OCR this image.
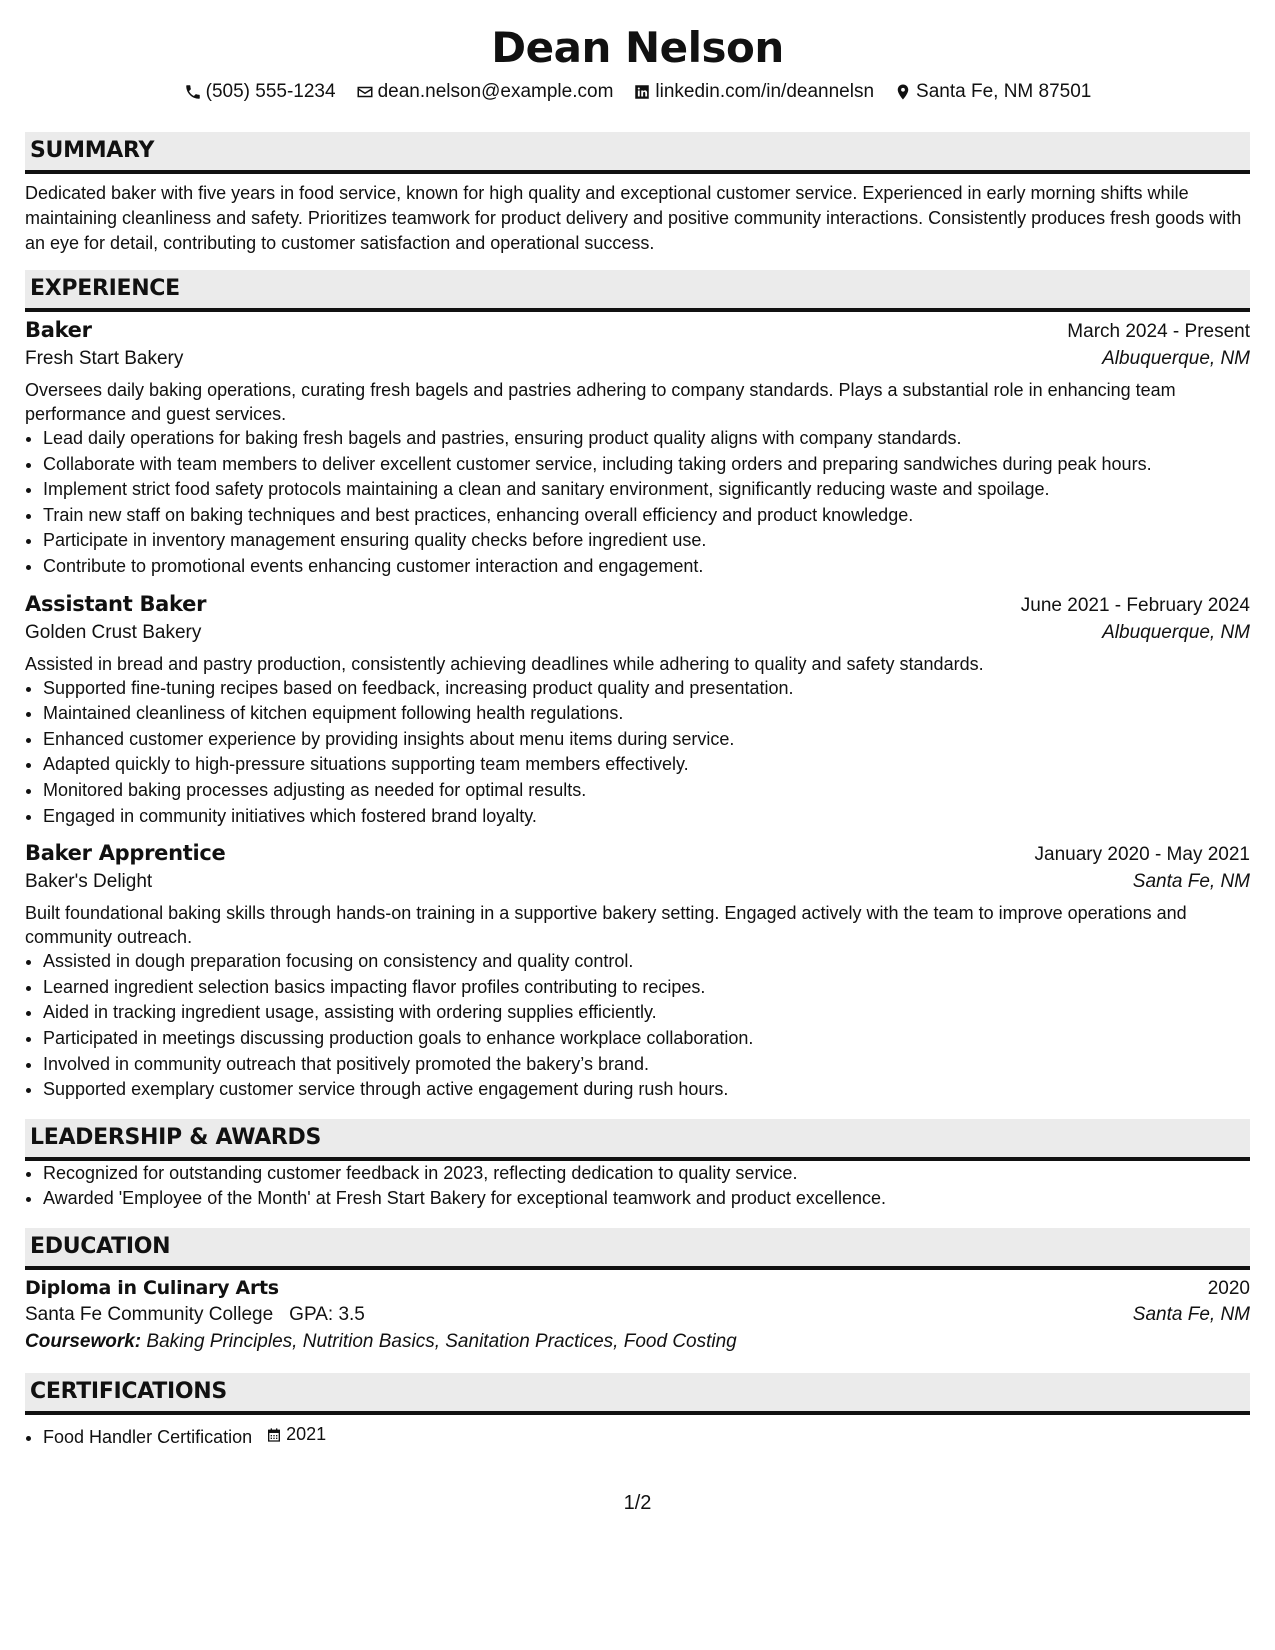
Dean Nelson
(505) 555-1234 dean.nelson@example.com linkedin.com/in/deannelsn Santa Fe, NM 87501
SUMMARY
Dedicated baker with five years in food service, known for high quality and exceptional customer service. Experienced in early morning shifts while maintaining cleanliness and safety. Prioritizes teamwork for product delivery and positive community interactions. Consistently produces fresh goods with an eye for detail, contributing to customer satisfaction and operational success.
EXPERIENCE
Baker	March 2024 - Present
Fresh Start Bakery	Albuquerque, NM
Oversees daily baking operations, curating fresh bagels and pastries adhering to company standards. Plays a substantial role in enhancing team performance and guest services.
• Lead daily operations for baking fresh bagels and pastries, ensuring product quality aligns with company standards.
• Collaborate with team members to deliver excellent customer service, including taking orders and preparing sandwiches during peak hours.
• Implement strict food safety protocols maintaining a clean and sanitary environment, significantly reducing waste and spoilage.
• Train new staff on baking techniques and best practices, enhancing overall efficiency and product knowledge.
• Participate in inventory management ensuring quality checks before ingredient use.
• Contribute to promotional events enhancing customer interaction and engagement.
Assistant Baker	June 2021 - February 2024
Golden Crust Bakery	Albuquerque, NM
Assisted in bread and pastry production, consistently achieving deadlines while adhering to quality and safety standards.
• Supported fine-tuning recipes based on feedback, increasing product quality and presentation.
• Maintained cleanliness of kitchen equipment following health regulations.
• Enhanced customer experience by providing insights about menu items during service.
• Adapted quickly to high-pressure situations supporting team members effectively.
• Monitored baking processes adjusting as needed for optimal results.
• Engaged in community initiatives which fostered brand loyalty.
Baker Apprentice	January 2020 - May 2021
Baker's Delight	Santa Fe, NM
Built foundational baking skills through hands-on training in a supportive bakery setting. Engaged actively with the team to improve operations and community outreach.
• Assisted in dough preparation focusing on consistency and quality control.
• Learned ingredient selection basics impacting flavor profiles contributing to recipes.
• Aided in tracking ingredient usage, assisting with ordering supplies efficiently.
• Participated in meetings discussing production goals to enhance workplace collaboration.
• Involved in community outreach that positively promoted the bakery’s brand.
• Supported exemplary customer service through active engagement during rush hours.
LEADERSHIP & AWARDS
• Recognized for outstanding customer feedback in 2023, reflecting dedication to quality service.
• Awarded 'Employee of the Month' at Fresh Start Bakery for exceptional teamwork and product excellence.
EDUCATION
Diploma in Culinary Arts	2020
Santa Fe Community College GPA: 3.5	Santa Fe, NM
Coursework: Baking Principles, Nutrition Basics, Sanitation Practices, Food Costing
CERTIFICATIONS
• Food Handler Certification 2021
1/2
